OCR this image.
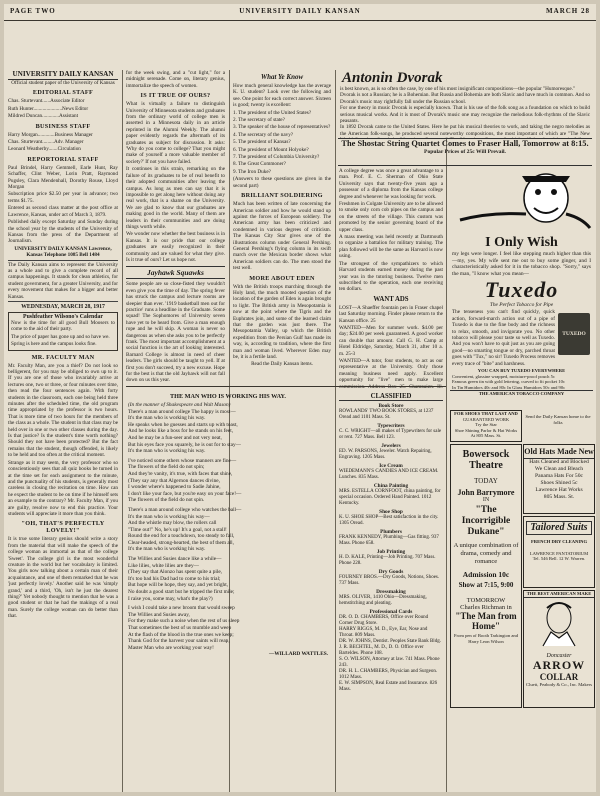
PAGE TWO	UNIVERSITY DAILY KANSAN	MARCH 28
UNIVERSITY DAILY KANSAN

Official student paper of the University of Kansas

EDITORIAL STAFF
Chas. Sturtevant......Associate Editor
Ruth Hunter......................News Editor
Mildred Duncan.............Assistant
BUSINESS STAFF
Harry Morgan.............Business Manager
Chas. Sturtevant.........Adv. Manager
Leonard Weatherby.......Circulation
REPORTORIAL STAFF

Paul Brindel, Harry Gemmell, Earle Hunt, Ray Schaffer, Clint Weber, Lorin Pratt, Raymond Pugsley, Clara Mendenhall, Dorothy Rouse, Lloyd Morgan

Subscription price $2.50 per year in advance; two terms $1.75.

Entered as second class matter at the post office at Lawrence, Kansas, under act of March 3, 1879.

Published daily except Saturday and Sunday during the school year by the students of the University of Kansas from the press of the Department of Journalism.

UNIVERSITY DAILY KANSAN Lawrence, Kansas Telephone 1085 Bell 1484

The Daily Kansan aims to represent the University as a whole and to give a complete record of all campus happenings. It stands for clean athletics, for student government, for a greater University, and for every movement that makes for a bigger and better Kansas.

WEDNESDAY, MARCH 28, 1917
Pushfeather Wilsono's Calendar

Now is the time for all good Bull Moosers to come to the aid of their party.

The price of paper has gone up and so have we.

Spring is here and the campus looks fine.

MR. FACULTY MAN

Mr. Faculty Man, are you a thief? Do not look so belligerent, for you may be obliged to own up to it. If you are one of those who invariably arrive at lectures one, two or three, or four minutes over time, then read the four sentences again. With forty students in the classroom, each one being held three minutes after the scheduled time, the old program time appropriated by the professor is two hours. That is more time of two hours for the members of the class as a whole. The student in that class may be held over in one or two other classes during the day. Is that justice? Is the student's time worth nothing? Should they not have been protected? But the fact remains that the student, though offended, is likely to be held and too often at the critical moment.

Strange as it may seem, the very professor who so conscientiously sees that all quiz books be turned in at the time set for each assignment to the minute, and the punctuality of his students, is generally most careless in closing the recitation on time. How can he expect the student to be on time if he himself sets an example to the contrary? Mr. Faculty Man, if you are guilty, resolve now to end this practice. Your students will appreciate it more than you think.

"OH, THAT'S PERFECTLY LOVELY!"

It is true some literary genius should write a story from the material that will make the speech of the college woman as immortal as that of the college 'Sweet'. The college girl is the most wonderful creature in the world but her vocabulary is limited. You girls now talking about a certain man of their acquaintance, and one of them remarked that he was 'just perfectly lovely.' Another said he was 'simply grand,' and a third, 'Oh, isn't he just the dearest thing?' Yet nobody thought to mention that he was a good student or that he had the makings of a real man. Surely the college woman can do better than that.

for the week swing, and a "cut light," for a midnight serenade. Come on, literary genius, immortalize the speech of women.

IS IT TRUE OF OURS?

What is virtually a failure to distinguish University of Minnesota students and graduates from the ordinary world of college men is asserted in a Minnesota daily in an article reprinted in the Alumni Weekly. The alumni paper evidently regards the aftermath of its graduates as subject for discussion. It asks: 'Why do you come to college? That you might make of yourself a more valuable member of society?' If not you have failed.

It continues in this strain, remarking on the failure of its graduates to be of real benefit to their adopted communities after leaving the campus. As long as men can say that it is impossible to get along here without doing any real work, that is a shame on the University. We are glad to know that our graduates are making good in the world. Many of them are leaders in their communities and are doing things worth while.

We wonder now whether the best business is in Kansas. It is our pride that our college graduates are easily recognized in their community and are valued for what they give. Is it true of ours? Let us hope not.

Jayhawk Squawks

Some people are so close-fisted they wouldn't even give you the time of day. The spring fever has struck the campus and lecture rooms are sleepier than ever. '1919 basketball men out for practice' runs a headline in the Graduate. Some squad! The Sophomores of University seven have yet to be heard from. Give a man enough rope and he will skip. A woman is never so dangerous as when she asks you to be perfectly frank. The most important accomplishment at a social function is the art of looking interested. Barnard College is almost in need of cheer leaders. The girls should be taught to yell. If at first you don't succeed, try a new excuse. Hope for the best is that the old Jayhawk will not fall down on us this year.

What Ye Know

How much general knowledge has the average K. U. student? Look over the following and see. One point for each correct answer. Sixteen is good; twenty is excellent:

1. The president of the United States?
2. The secretary of state?
3. The speaker of the house of representatives?
4. The secretary of the navy?
5. The president of Kansas?
6. The president of Mount Holyoke?
7. The president of Columbia University?
8. The Great Commoner?
9. The Iron Duke?
(Answers to these questions are given in the second part)
BRILLIANT SOLDIERING

Much has been written of late concerning the American soldier and how he would stand up against the forces of European soldiery. The American army has been criticized and condemned in various degrees of criticism. The Kansas City Star gives one of the illustrations column under General Pershing. General Pershing's flying column in its swift march over the Mexican border shows what American soldiers can do. The men stood the test well.

MORE ABOUT EDEN

With the British troops marching through the Holy land, the much mooted question of the location of the garden of Eden is again brought to light. The British army in Mesopotamia is now at the point where the Tigris and the Euphrates join, and some of the learned claim that the garden was just there. The Mesopotamia Valley, up which the British expedition from the Persian Gulf has made its way, is, according to tradition, where the first man and woman lived. Wherever Eden may be, it is a fertile land.

Read the Daily Kansan items.

Antonin Dvorak

is best known, as is so often the case, by one of his most insignificant compositions—the popular "Humoresque."

Dvorak is not a Russian; he is a Bohemian. But Russia and Bohemia are both Slavic and have much in common. And so Dvorak's music may rightfully fall under the Russian school.

For one theory in music Dvorak is especially known. That is his use of the folk song as a foundation on which to build serious musical works. And it is most of Dvorak's music one may recognize the melodious folk-rhythms of the Slavic peasants.

In 1892 Dvorak came to the United States. Here he put his musical theories to work, and taking the negro melodies as the American folk-songs, he produced several noteworthy compositions, the most important of which are "The New

The Shostac String Quartet Comes to Fraser Hall, Tomorrow at 8:15.
Popular Prices of 25c Will Prevail.

A college degree was once a great advantage to a man. Prof. E. C. Sherman of Ohio State University says that twenty-five years ago a possessor of a diploma from the Kansas college degree and whenever he was looking for work.

Freshmen in Colgate University are to be allowed to smoke only corn cob pipes on the campus and on the streets of the village. This custom was promoted by the senior governing board of the upper class.

A mass meeting was held recently at Dartmouth to organize a battalion for military training. The plan followed will be the same as Harvard is now using.

The strongest of the sympathizers to which Harvard students earned money during the past year was in the tutoring business. Twelve men subscribed to the operation, each one receiving ten dollars.

WANT ADS

LOST—A Shaeffer fountain pen in Fraser chapel last Saturday morning. Finder please return to the Kansan office. 25

WANTED—Men for summer work. $4.00 per day; $24.00 per week guaranteed. A good worker can double that amount. Call G. H. Camp at Hotel Eldridge, Saturday, March 31, after 10 a. m. 25-3

WANTED—A tutor, four students, to act as our representative at the University. Only those meaning business need apply. Excellent opportunity for "live" men to make large

I Only Wish

my legs were longer. I feel like stepping much higher than this—my, yes. My wife sent me out to buy some ginger, and I characteristically asked for it in the tobacco shop. "Sorry," says the man, "I know what you mean—

Tuxedo
The Perfect Tobacco for Pipe

The tenseness you can't find quickly, quick action, forward-march action out of a pipe of Tuxedo is due to the fine body and the richness to relax, smooth, and invigorate you. No other tobacco will please your taste so well as Tuxedo. And you won't have to quit just as you are going good—no smarting tongue or dry, parched throat goes with "Tux," no sir! Tuxedo Process removes every trace of "bite" and harshness.

TUXEDO
YOU CAN BUY TUXEDO EVERYWHERE
Convenient, glassine wrapped, moisture-proof pouch 5c
Famous green tin with gold lettering, curved to fit pocket 10c
In Tin Humidors 40c and 80c In Glass Humidors 50c and 90c
THE AMERICAN TOBACCO COMPANY
THE MAN WHO IS WORKING HIS WAY.

(In the manner of Shakespeare and Walt Mason)

There's a man around college The happy is most—

It's the man who is working his way.

He speaks when he guesses and starts up with toast,

And he looks like a boss for he stands on his feet,

And he may be a fun-seer and not very neat,

But his eyes face you squarely, he is out for to stay—

It's the man who is working his way.

I've noticed some others whose manners are fine—

The flowers of the field do not spin;

And they're vanity, it's true, with faces that shine,

(They say any that Algernon dances divine,

I wonder where's happened to Sadie Jahine,

I don't like your face, but you're easy on your face!—

The flowers of the field do not spin.

There's a man around college who watches the ball—

It's the man who is working his way—

And the whistle may blow, the rollers call

"Time out!" No, he's up! It's a goal, not a stall!

Round the end for a touchdown, too steady to fall,

Clear-headed, strong-hearted, the best of them all,

It's the man who is working his way.

The Willies and Susies dance like a while—

Like lilies, white lilies are they—

(They say that Alonzo has spent quite a pile,

It's too bad his Dad had to come to his trial;

But hope will be hope, they say, and yet bright,

No doubt a good start but he tripped the first mile;

I raise you, some may, what's the play?)

I wish I could take a new broom that would sweep

The Willies and Susies away,

For they make such a noise when the rest of us sleep

That sometimes the best of us mumble and weep

At the flash of the blood in the true ones we keep;

Thank God for the harvest your saints will reap,

Master Man who are working your way!

—WILLARD WATTLES.
CLASSIFIED
Book Store

ROWLANDS' TWO BOOK STORES, at 1237 Oread and 1101 Mass. St.

Typewriters

C. C. WRIGHT—all makes of Typewriters for sale or rent. 727 Mass. Bell 123.

Jewelers

ED. W. PARSONS, Jeweler. Watch Repairing, Engraving. 1205 Mass.

Ice Cream

WIEDEMANN'S CANDIES AND ICE CREAM. Lunches. 835 Mass.

China Painting

MRS. ESTELLA CORNFOOT, china painting, for special occasion. Ordered Hand Painted. 1012 Kentucky.

Shoe Shop

K. U. SHOE SHOP—Best satisfaction in the city. 1305 Oread.

Plumbers

FRANK KENNEDY, Plumbing—Gas fitting. 937 Mass. Phone 658.

Job Printing

H. D. KALE, Printing—Job Printing. 707 Mass. Phone 228.

Dry Goods

FOURNEY BROS.—Dry Goods, Notions, Shoes. 737 Mass.

Dressmaking

MRS. OLIVER, 1410 Ohio—Dressmaking, hemstitching and pleating.

Professional Cards

DR. O. D. CHAMBERS, Office over Round Corner Drug Store.

HARRY RIGGS, M. D., Eye, Ear, Nose and Throat. 809 Mass.

DR. W. JOHNS, Dentist. Peoples State Bank Bldg.

J. R. BECHTEL, M. D., D. O. Office over Barteldes. Phone 108.

S. O. WILSON, Attorney at law. 741 Mass. Phone 243.

DR. H. L. CHAMBERS, Physician and Surgeon. 1012 Mass.

E. W. SIMPSON, Real Estate and Insurance. 826 Mass.

FOR SHOES THAT LAST AND
GUARANTEED WORK
Try the Star
Shoe Shining Parlor & Hat Works
At 805 Mass. St.
Send the Daily Kansan home to the folks
Bowersock Theatre
TODAY
John Barrymore
IN
"The Incorrigible Dukane"
A unique combination of drama, comedy and romance
Admission 10c
Show at 7:15, 9:00
TOMORROW
Charles Richman in
"The Man from Home"
From pen of Booth Tarkington and Harry Leon Wilson
Old Hats Made New
Hats Cleaned and Blocked
We Clean and Bleach
Panama Hats For 50c
Shoes Shined 5c
Lawrence Hat Works
805 Mass. St.
Tailored Suits
FRENCH DRY CLEANING
LAWRENCE PANTATORIUM
Tel. 546 Bell. 12 W. Warren.
THE BEST AMERICAN MAKE
Doncaster
ARROW
COLLAR
Cluett, Peabody & Co., Inc. Makers
